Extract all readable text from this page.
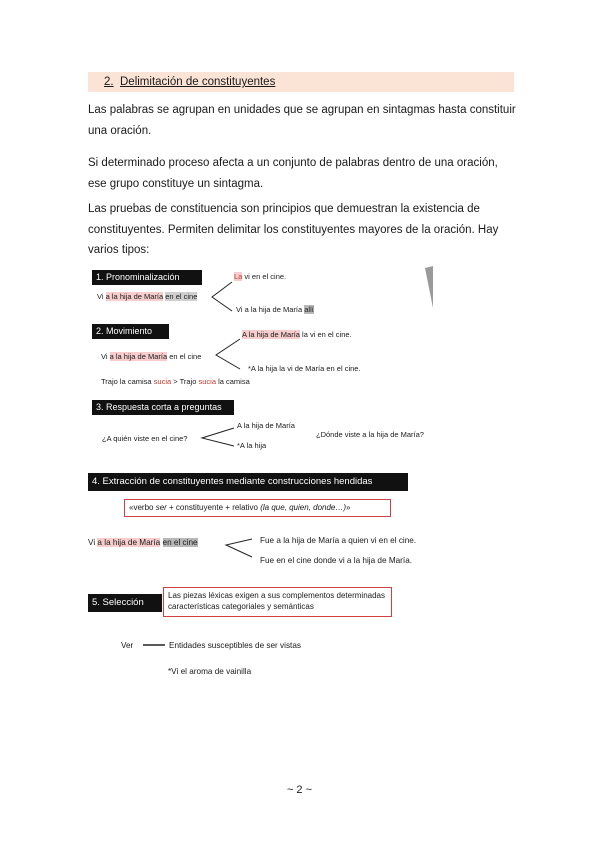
2. Delimitación de constituyentes
Las palabras se agrupan en unidades que se agrupan en sintagmas hasta constituir una oración.
Si determinado proceso afecta a un conjunto de palabras dentro de una oración, ese grupo constituye un sintagma.
Las pruebas de constituencia son principios que demuestran la existencia de constituyentes. Permiten delimitar los constituyentes mayores de la oración. Hay varios tipos:
1. Pronominalización
Vi a la hija de María en el cine
La vi en el cine.
Vi a la hija de María allí
2. Movimiento
Vi a la hija de María en el cine
A la hija de María la vi en el cine.
*A la hija la vi de María en el cine.
Trajo la camisa sucia > Trajo sucia la camisa
3. Respuesta corta a preguntas
¿A quién viste en el cine?
A la hija de María
*A la hija
¿Dónde viste a la hija de María?
4. Extracción de constituyentes mediante construcciones hendidas
«verbo ser + constituyente + relativo (la que, quien, donde…)»
Vi a la hija de María en el cine	Fue a la hija de María a quien vi en el cine.
Fue en el cine donde vi a la hija de María.
5. Selección
Las piezas léxicas exigen a sus complementos determinadas características categoriales y semánticas
Ver	Entidades susceptibles de ser vistas
*Vi el aroma de vainilla
~ 2 ~
